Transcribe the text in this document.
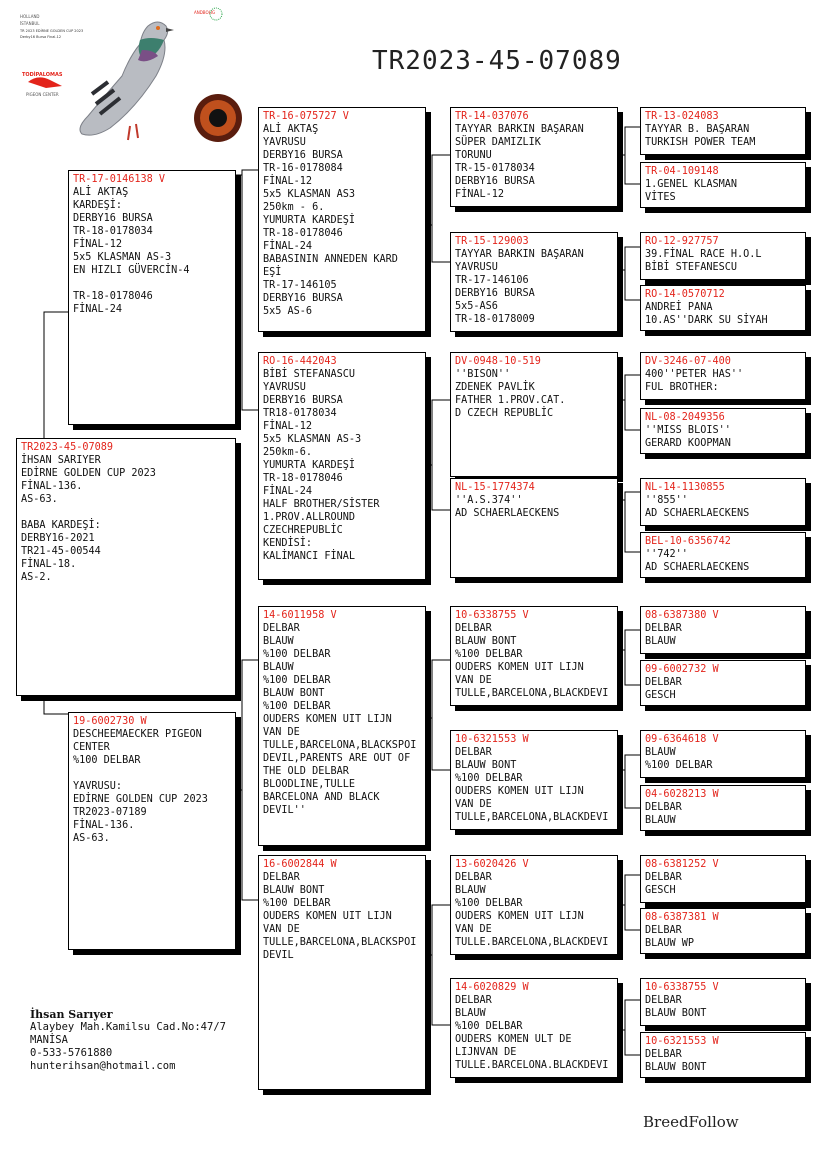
HOLLAND
İSTANBUL
TR 2023 EDİRNE GOLDEN CUP 2023
Derby16 Bursa Final-12
TODİPALOMAS
PIGEON CENTER
ANDBOLİG
TR2023-45-07089
TR2023-45-07089
İHSAN SARIYER
EDİRNE GOLDEN CUP 2023
FİNAL-136.
AS-63.

BABA KARDEŞİ:
DERBY16-2021
TR21-45-00544
FİNAL-18.
AS-2.
TR-17-0146138 V
ALİ AKTAŞ
KARDEŞİ:
DERBY16 BURSA
TR-18-0178034
FİNAL-12
5x5 KLASMAN AS-3
EN HIZLI GÜVERCİN-4

TR-18-0178046
FİNAL-24
19-6002730 W
DESCHEEMAECKER PIGEON
CENTER
%100 DELBAR

YAVRUSU:
EDİRNE GOLDEN CUP 2023
TR2023-07189
FİNAL-136.
AS-63.
TR-16-075727 V
ALİ AKTAŞ
YAVRUSU
DERBY16 BURSA
TR-16-0178084
FİNAL-12
5x5 KLASMAN AS3
250km - 6.
YUMURTA KARDEŞİ
TR-18-0178046
FİNAL-24
BABASININ ANNEDEN KARD
EŞİ
TR-17-146105
DERBY16 BURSA
5x5 AS-6
RO-16-442043
BİBİ STEFANASCU
YAVRUSU
DERBY16 BURSA
TR18-0178034
FİNAL-12
5x5 KLASMAN AS-3
250km-6.
YUMURTA KARDEŞİ
TR-18-0178046
FİNAL-24
HALF BROTHER/SİSTER
1.PROV.ALLROUND
CZECHREPUBLİC
KENDİSİ:
KALİMANCI FİNAL
14-6011958 V
DELBAR
BLAUW
%100 DELBAR
BLAUW
%100 DELBAR
BLAUW BONT
%100 DELBAR
OUDERS KOMEN UIT LIJN
VAN DE
TULLE,BARCELONA,BLACKSPOI
DEVIL,PARENTS ARE OUT OF
THE OLD DELBAR
BLOODLINE,TULLE
BARCELONA AND BLACK
DEVIL''
16-6002844 W
DELBAR
BLAUW BONT
%100 DELBAR
OUDERS KOMEN UIT LIJN
VAN DE
TULLE,BARCELONA,BLACKSPOI
DEVIL
TR-14-037076
TAYYAR BARKIN BAŞARAN
SÜPER DAMIZLIK
TORUNU
TR-15-0178034
DERBY16 BURSA
FİNAL-12
TR-15-129003
TAYYAR BARKIN BAŞARAN
YAVRUSU
TR-17-146106
DERBY16 BURSA
5x5-AS6
TR-18-0178009
DV-0948-10-519
''BISON''
ZDENEK PAVLİK
FATHER 1.PROV.CAT.
D CZECH REPUBLİC
NL-15-1774374
''A.S.374''
AD SCHAERLAECKENS
10-6338755 V
DELBAR
BLAUW BONT
%100 DELBAR
OUDERS KOMEN UIT LIJN
VAN DE
TULLE,BARCELONA,BLACKDEVI
10-6321553 W
DELBAR
BLAUW BONT
%100 DELBAR
OUDERS KOMEN UIT LIJN
VAN DE
TULLE,BARCELONA,BLACKDEVI
13-6020426 V
DELBAR
BLAUW
%100 DELBAR
OUDERS KOMEN UIT LIJN
VAN DE
TULLE.BARCELONA,BLACKDEVI
14-6020829 W
DELBAR
BLAUW
%100 DELBAR
OUDERS KOMEN ULT DE
LIJNVAN DE
TULLE.BARCELONA.BLACKDEVI
TR-13-024083
TAYYAR B. BAŞARAN
TURKISH POWER TEAM
TR-04-109148
1.GENEL KLASMAN
VİTES
RO-12-927757
39.FİNAL RACE H.O.L
BİBİ STEFANESCU
RO-14-0570712
ANDREİ PANA
10.AS''DARK SU SİYAH
DV-3246-07-400
400''PETER HAS''
FUL BROTHER:
NL-08-2049356
''MISS BLOIS''
GERARD KOOPMAN
NL-14-1130855
''855''
AD SCHAERLAECKENS
BEL-10-6356742
''742''
AD SCHAERLAECKENS
08-6387380 V
DELBAR
BLAUW
09-6002732 W
DELBAR
GESCH
09-6364618 V
BLAUW
%100 DELBAR
04-6028213 W
DELBAR
BLAUW
08-6381252 V
DELBAR
GESCH
08-6387381 W
DELBAR
BLAUW WP
10-6338755 V
DELBAR
BLAUW BONT
10-6321553 W
DELBAR
BLAUW BONT
İhsan Sarıyer
Alaybey Mah.Kamilsu Cad.No:47/7
MANİSA
0-533-5761880
hunterihsan@hotmail.com
BreedFollow
